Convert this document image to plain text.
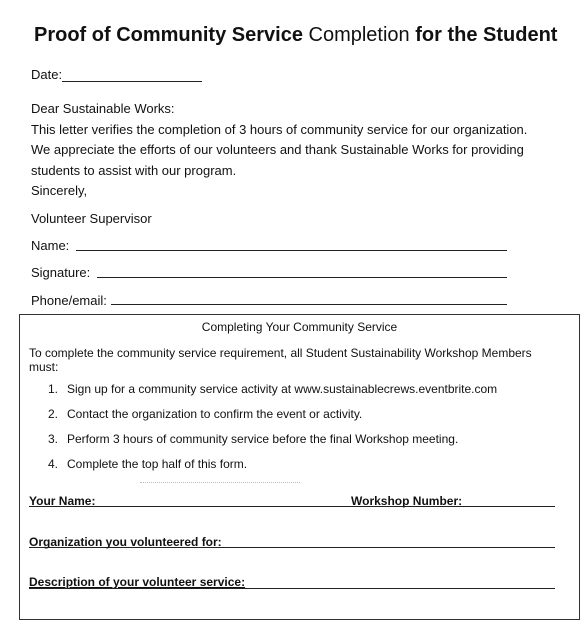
Proof of Community Service Completion for the Student
Date:
Dear Sustainable Works:
This letter verifies the completion of 3 hours of community service for our organization.
We appreciate the efforts of our volunteers and thank Sustainable Works for providing
students to assist with our program.
Sincerely,
Volunteer Supervisor
Name:
Signature:
Phone/email:
Completing Your Community Service
To complete the community service requirement, all Student Sustainability Workshop Members
must:
1. Sign up for a community service activity at www.sustainablecrews.eventbrite.com
2. Contact the organization to confirm the event or activity.
3. Perform 3 hours of community service before the final Workshop meeting.
4. Complete the top half of this form.
Your Name:	Workshop Number:
Organization you volunteered for:
Description of your volunteer service:
